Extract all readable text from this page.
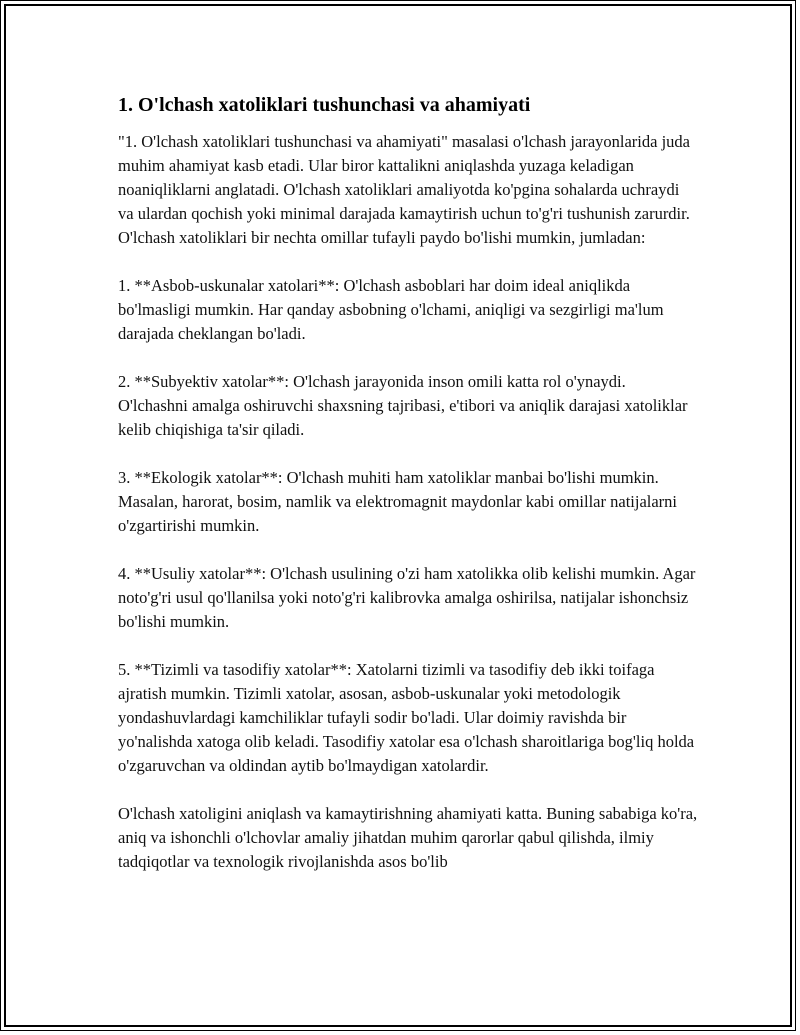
1. O'lchash xatoliklari tushunchasi va ahamiyati

"1. O'lchash xatoliklari tushunchasi va ahamiyati" masalasi o'lchash jarayonlarida juda muhim ahamiyat kasb etadi. Ular biror kattalikni aniqlashda yuzaga keladigan noaniqliklarni anglatadi. O'lchash xatoliklari amaliyotda ko'pgina sohalarda uchraydi va ulardan qochish yoki minimal darajada kamaytirish uchun to'g'ri tushunish zarurdir. O'lchash xatoliklari bir nechta omillar tufayli paydo bo'lishi mumkin, jumladan:

1. **Asbob-uskunalar xatolari**: O'lchash asboblari har doim ideal aniqlikda bo'lmasligi mumkin. Har qanday asbobning o'lchami, aniqligi va sezgirligi ma'lum darajada cheklangan bo'ladi.

2. **Subyektiv xatolar**: O'lchash jarayonida inson omili katta rol o'ynaydi. O'lchashni amalga oshiruvchi shaxsning tajribasi, e'tibori va aniqlik darajasi xatoliklar kelib chiqishiga ta'sir qiladi.

3. **Ekologik xatolar**: O'lchash muhiti ham xatoliklar manbai bo'lishi mumkin. Masalan, harorat, bosim, namlik va elektromagnit maydonlar kabi omillar natijalarni o'zgartirishi mumkin.

4. **Usuliy xatolar**: O'lchash usulining o'zi ham xatolikka olib kelishi mumkin. Agar noto'g'ri usul qo'llanilsa yoki noto'g'ri kalibrovka amalga oshirilsa, natijalar ishonchsiz bo'lishi mumkin.

5. **Tizimli va tasodifiy xatolar**: Xatolarni tizimli va tasodifiy deb ikki toifaga ajratish mumkin. Tizimli xatolar, asosan, asbob-uskunalar yoki metodologik yondashuvlardagi kamchiliklar tufayli sodir bo'ladi. Ular doimiy ravishda bir yo'nalishda xatoga olib keladi. Tasodifiy xatolar esa o'lchash sharoitlariga bog'liq holda o'zgaruvchan va oldindan aytib bo'lmaydigan xatolardir.

O'lchash xatoligini aniqlash va kamaytirishning ahamiyati katta. Buning sababiga ko'ra, aniq va ishonchli o'lchovlar amaliy jihatdan muhim qarorlar qabul qilishda, ilmiy tadqiqotlar va texnologik rivojlanishda asos bo'lib
